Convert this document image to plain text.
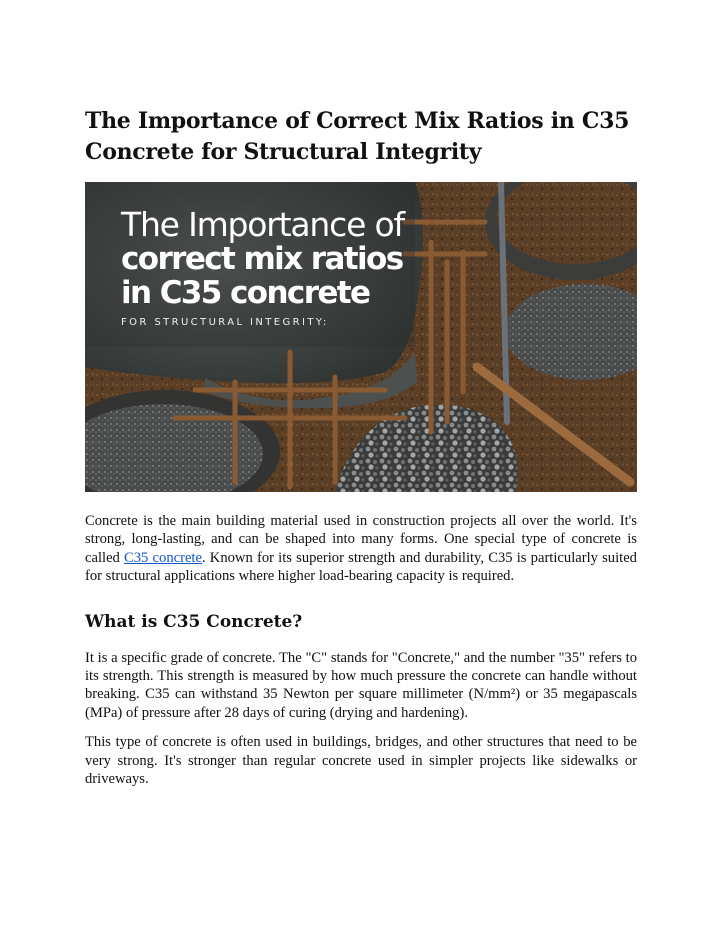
The Importance of Correct Mix Ratios in C35 Concrete for Structural Integrity
The Importance of
correct mix ratios
in C35 concrete
FOR STRUCTURAL INTEGRITY:

Concrete is the main building material used in construction projects all over the world. It's strong, long-lasting, and can be shaped into many forms. One special type of concrete is called C35 concrete. Known for its superior strength and durability, C35 is particularly suited for structural applications where higher load-bearing capacity is required.

What is C35 Concrete?

It is a specific grade of concrete. The "C" stands for "Concrete," and the number "35" refers to its strength. This strength is measured by how much pressure the concrete can handle without breaking. C35 can withstand 35 Newton per square millimeter (N/mm²) or 35 megapascals (MPa) of pressure after 28 days of curing (drying and hardening).

This type of concrete is often used in buildings, bridges, and other structures that need to be very strong. It's stronger than regular concrete used in simpler projects like sidewalks or driveways.
